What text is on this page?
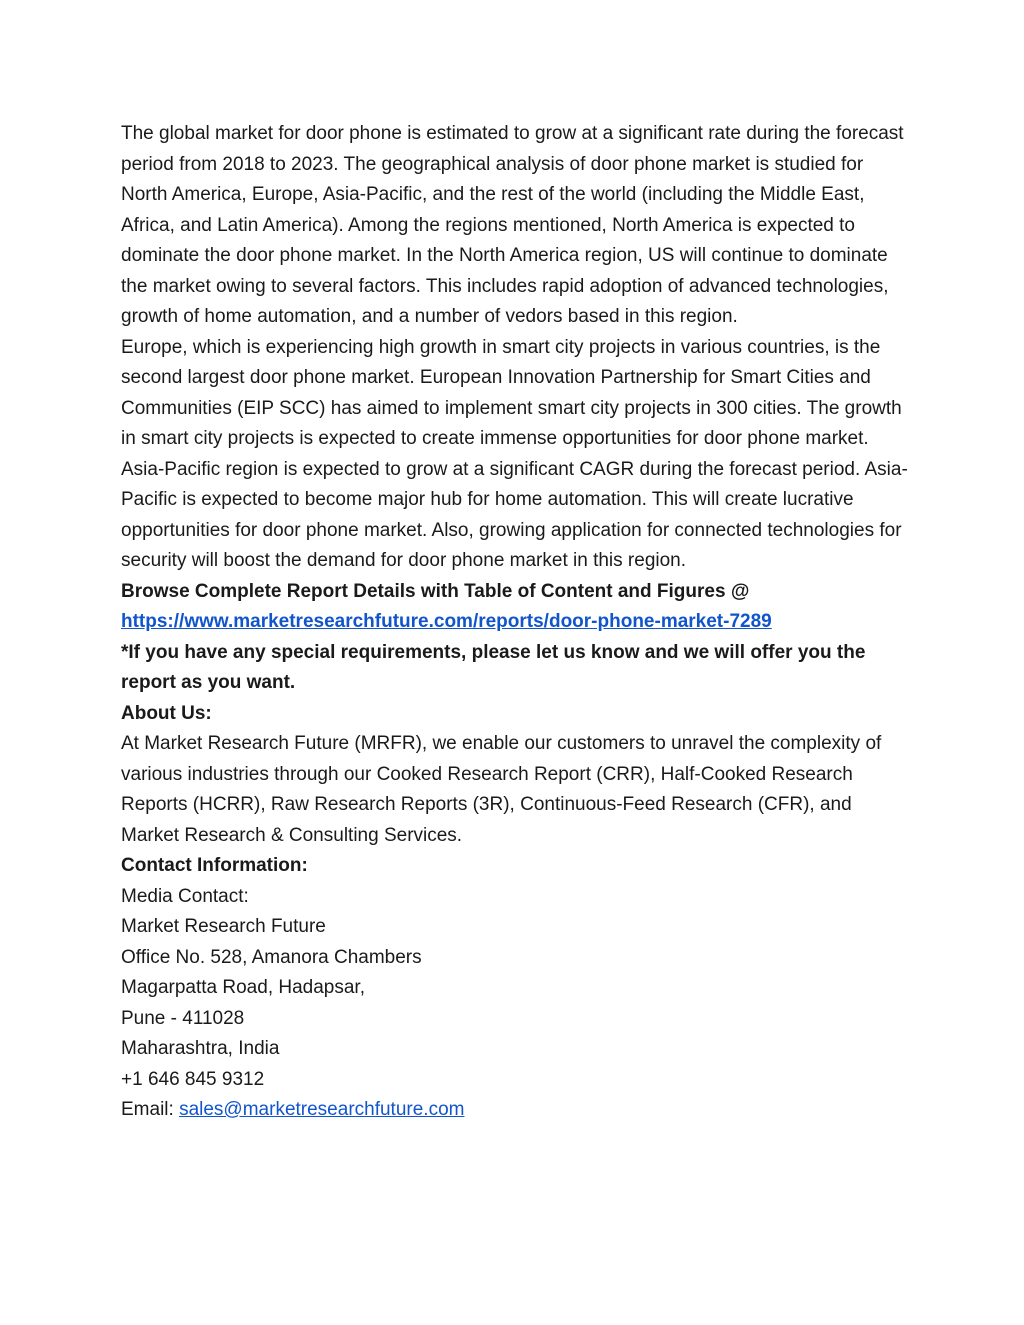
The global market for door phone is estimated to grow at a significant rate during the forecast period from 2018 to 2023. The geographical analysis of door phone market is studied for North America, Europe, Asia-Pacific, and the rest of the world (including the Middle East, Africa, and Latin America). Among the regions mentioned, North America is expected to dominate the door phone market. In the North America region, US will continue to dominate the market owing to several factors. This includes rapid adoption of advanced technologies, growth of home automation, and a number of vedors based in this region.

Europe, which is experiencing high growth in smart city projects in various countries, is the second largest door phone market. European Innovation Partnership for Smart Cities and Communities (EIP SCC) has aimed to implement smart city projects in 300 cities. The growth in smart city projects is expected to create immense opportunities for door phone market.

Asia-Pacific region is expected to grow at a significant CAGR during the forecast period. Asia-Pacific is expected to become major hub for home automation. This will create lucrative opportunities for door phone market. Also, growing application for connected technologies for security will boost the demand for door phone market in this region.

Browse Complete Report Details with Table of Content and Figures @

https://www.marketresearchfuture.com/reports/door-phone-market-7289

*If you have any special requirements, please let us know and we will offer you the report as you want.

About Us:

At Market Research Future (MRFR), we enable our customers to unravel the complexity of various industries through our Cooked Research Report (CRR), Half-Cooked Research Reports (HCRR), Raw Research Reports (3R), Continuous-Feed Research (CFR), and Market Research & Consulting Services.

Contact Information:

Media Contact:

Market Research Future

Office No. 528, Amanora Chambers

Magarpatta Road, Hadapsar,

Pune - 411028

Maharashtra, India

+1 646 845 9312

Email: sales@marketresearchfuture.com
